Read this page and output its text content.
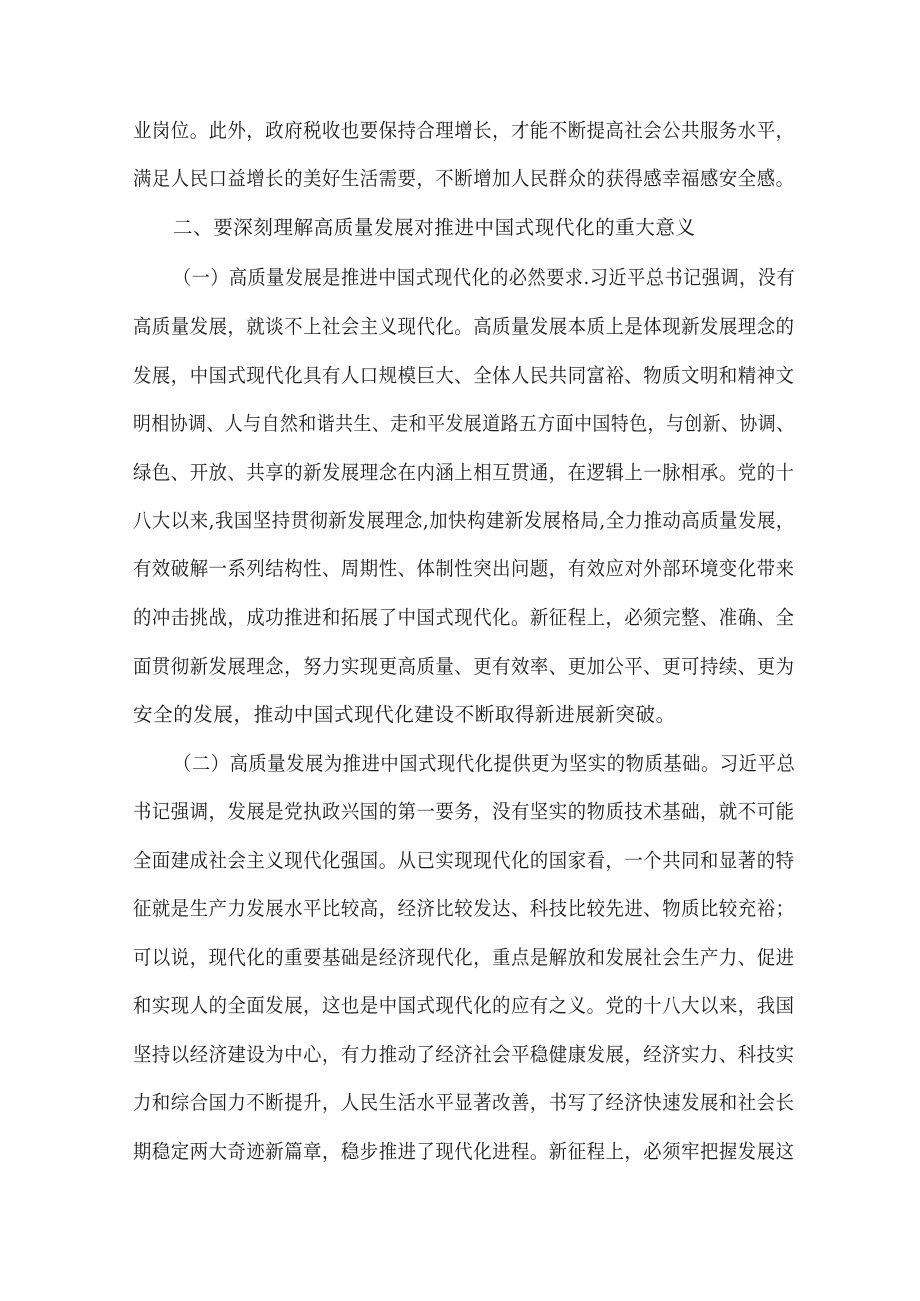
业岗位。此外，政府税收也要保持合理增长，才能不断提高社会公共服务水平，
满足人民口益增长的美好生活需要，不断增加人民群众的获得感幸福感安全感。
二、要深刻理解高质量发展对推进中国式现代化的重大意义
（一）高质量发展是推进中国式现代化的必然要求.习近平总书记强调，没有
高质量发展，就谈不上社会主义现代化。高质量发展本质上是体现新发展理念的
发展，中国式现代化具有人口规模巨大、全体人民共同富裕、物质文明和精神文
明相协调、人与自然和谐共生、走和平发展道路五方面中国特色，与创新、协调、
绿色、开放、共享的新发展理念在内涵上相互贯通，在逻辑上一脉相承。党的十
八大以来,我国坚持贯彻新发展理念,加快构建新发展格局,全力推动高质量发展，
有效破解一系列结构性、周期性、体制性突出问题，有效应对外部环境变化带来
的冲击挑战，成功推进和拓展了中国式现代化。新征程上，必须完整、准确、全
面贯彻新发展理念，努力实现更高质量、更有效率、更加公平、更可持续、更为
安全的发展，推动中国式现代化建设不断取得新进展新突破。
（二）高质量发展为推进中国式现代化提供更为坚实的物质基础。习近平总
书记强调，发展是党执政兴国的第一要务，没有坚实的物质技术基础，就不可能
全面建成社会主义现代化强国。从已实现现代化的国家看，一个共同和显著的特
征就是生产力发展水平比较高，经济比较发达、科技比较先进、物质比较充裕；
可以说，现代化的重要基础是经济现代化，重点是解放和发展社会生产力、促进
和实现人的全面发展，这也是中国式现代化的应有之义。党的十八大以来，我国
坚持以经济建设为中心，有力推动了经济社会平稳健康发展，经济实力、科技实
力和综合国力不断提升，人民生活水平显著改善，书写了经济快速发展和社会长
期稳定两大奇迹新篇章，稳步推进了现代化进程。新征程上，必须牢把握发展这
